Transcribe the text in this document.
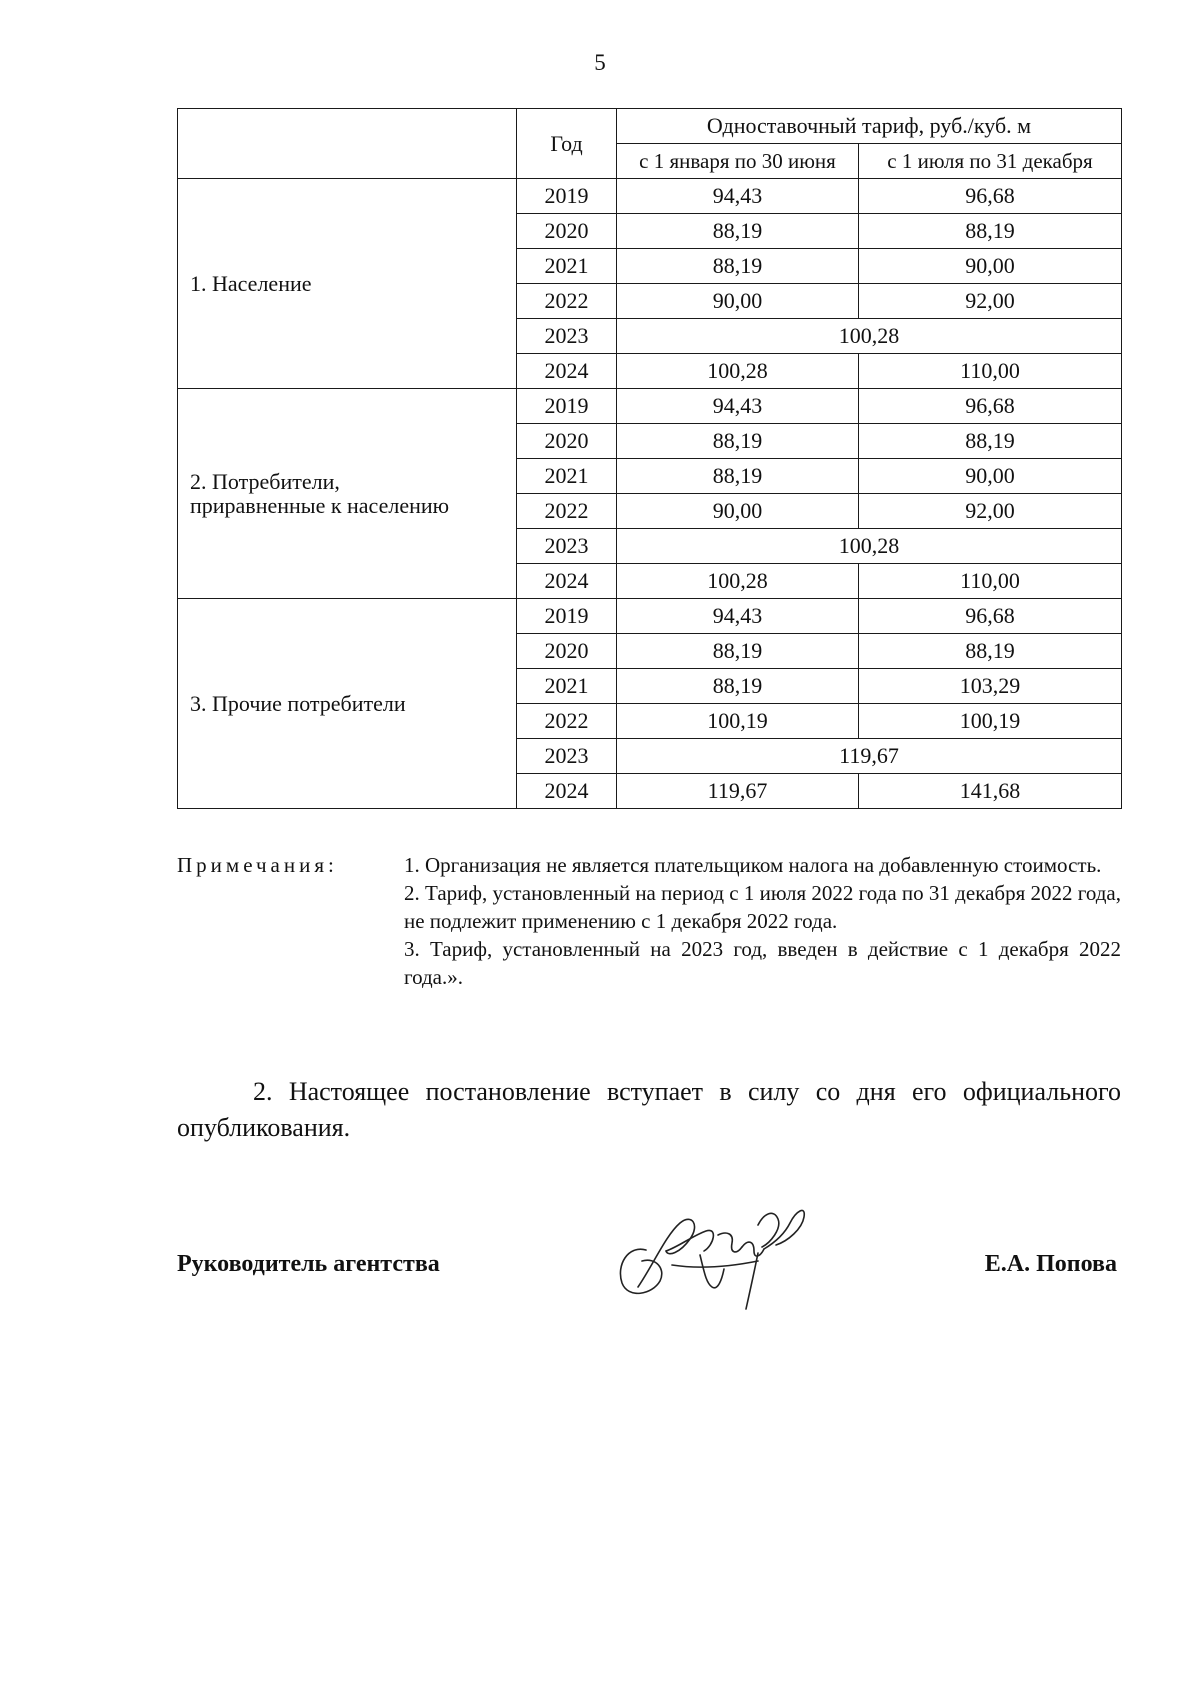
5
	Год	Одноставочный тариф, руб./куб. м	
		с 1 января по 30 июня	с 1 июля по 31 декабря

1. Население	2019	94,43	96,68
	2020	88,19	88,19
	2021	88,19	90,00
	2022	90,00	92,00
	2023	100,28	
	2024	100,28	110,00

2. Потребители,
приравненные к населению	2019	94,43	96,68
	2020	88,19	88,19
	2021	88,19	90,00
	2022	90,00	92,00
	2023	100,28	
	2024	100,28	110,00

3. Прочие потребители	2019	94,43	96,68
	2020	88,19	88,19
	2021	88,19	103,29
	2022	100,19	100,19
	2023	119,67	
	2024	119,67	141,68
Примечания:	1. Организация не является плательщиком налога на добавленную стоимость.

2. Тариф, установленный на период с 1 июля 2022 года по 31 декабря 2022 года, не подлежит применению с 1 декабря 2022 года.

3. Тариф, установленный на 2023 год, введен в действие с 1 декабря 2022 года.».

2. Настоящее постановление вступает в силу со дня его официального опубликования.

Руководитель агентства	Е.А. Попова
